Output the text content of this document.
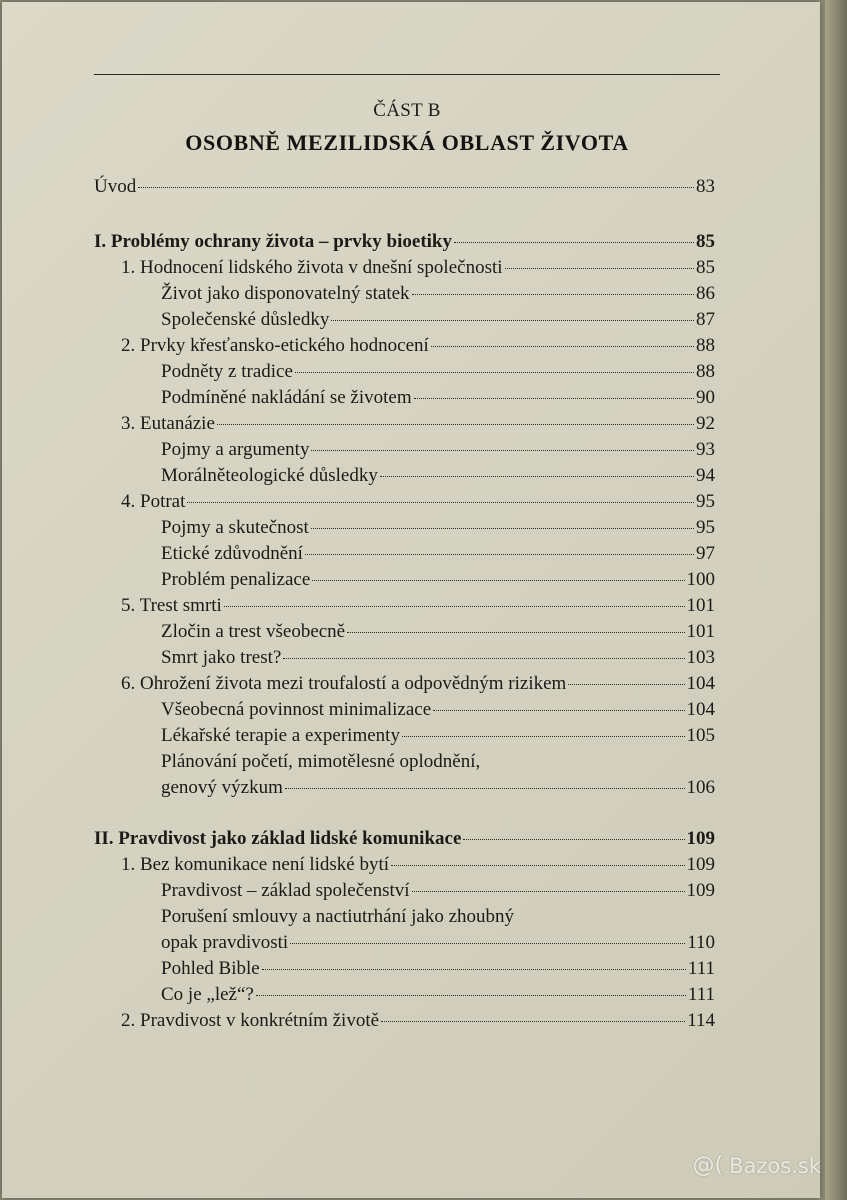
ČÁST B
OSOBNĚ MEZILIDSKÁ OBLAST ŽIVOTA
Úvod	83
I. Problémy ochrany života – prvky bioetiky	85
1. Hodnocení lidského života v dnešní společnosti	85
Život jako disponovatelný statek	86
Společenské důsledky	87
2. Prvky křesťansko-etického hodnocení	88
Podněty z tradice	88
Podmíněné nakládání se životem	90
3. Eutanázie	92
Pojmy a argumenty	93
Morálněteologické důsledky	94
4. Potrat	95
Pojmy a skutečnost	95
Etické zdůvodnění	97
Problém penalizace	100
5. Trest smrti	101
Zločin a trest všeobecně	101
Smrt jako trest?	103
6. Ohrožení života mezi troufalostí a odpovědným rizikem	104
Všeobecná povinnost minimalizace	104
Lékařské terapie a experimenty	105
Plánování početí, mimotělesné oplodnění,
genový výzkum	106
II. Pravdivost jako základ lidské komunikace	109
1. Bez komunikace není lidské bytí	109
Pravdivost – základ společenství	109
Porušení smlouvy a nactiutrhání jako zhoubný
opak pravdivosti	110
Pohled Bible	111
Co je „lež“?	111
2. Pravdivost v konkrétním životě	114
@( Bazos.sk
